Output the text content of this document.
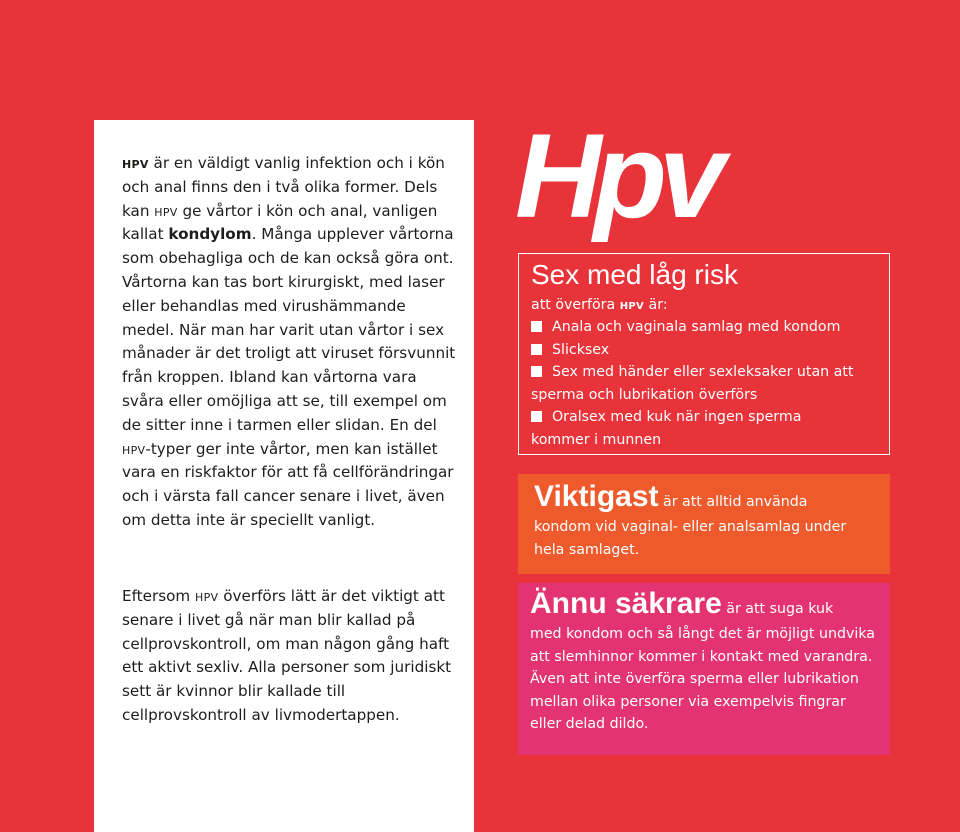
hpv är en väldigt vanlig infektion och i kön och anal finns den i två olika former. Dels kan hpv ge vårtor i kön och anal, vanligen kallat kondylom. Många upplever vårtorna som obehagliga och de kan också göra ont. Vårtorna kan tas bort kirurgiskt, med laser eller behandlas med virushämmande medel. När man har varit utan vårtor i sex månader är det troligt att viruset försvunnit från kroppen. Ibland kan vårtorna vara svåra eller omöjliga att se, till exempel om de sitter inne i tarmen eller slidan. En del hpv-typer ger inte vårtor, men kan istället vara en riskfaktor för att få cellförändringar och i värsta fall cancer senare i livet, även om detta inte är speciellt vanligt.

Eftersom hpv överförs lätt är det viktigt att senare i livet gå när man blir kallad på cellprovskontroll, om man någon gång haft ett aktivt sexliv. Alla personer som juridiskt sett är kvinnor blir kallade till cellprovskontroll av livmodertappen.

Hpv
Sex med låg risk
att överföra hpv är:
Anala och vaginala samlag med kondom
Slicksex
Sex med händer eller sexleksaker utan att
sperma och lubrikation överförs
Oralsex med kuk när ingen sperma
kommer i munnen
Viktigast är att alltid använda
kondom vid vaginal- eller analsamlag under hela samlaget.
Ännu säkrare är att suga kuk
med kondom och så långt det är möjligt undvika att slemhinnor kommer i kontakt med varandra. Även att inte överföra sperma eller lubrikation mellan olika personer via exempelvis fingrar eller delad dildo.
